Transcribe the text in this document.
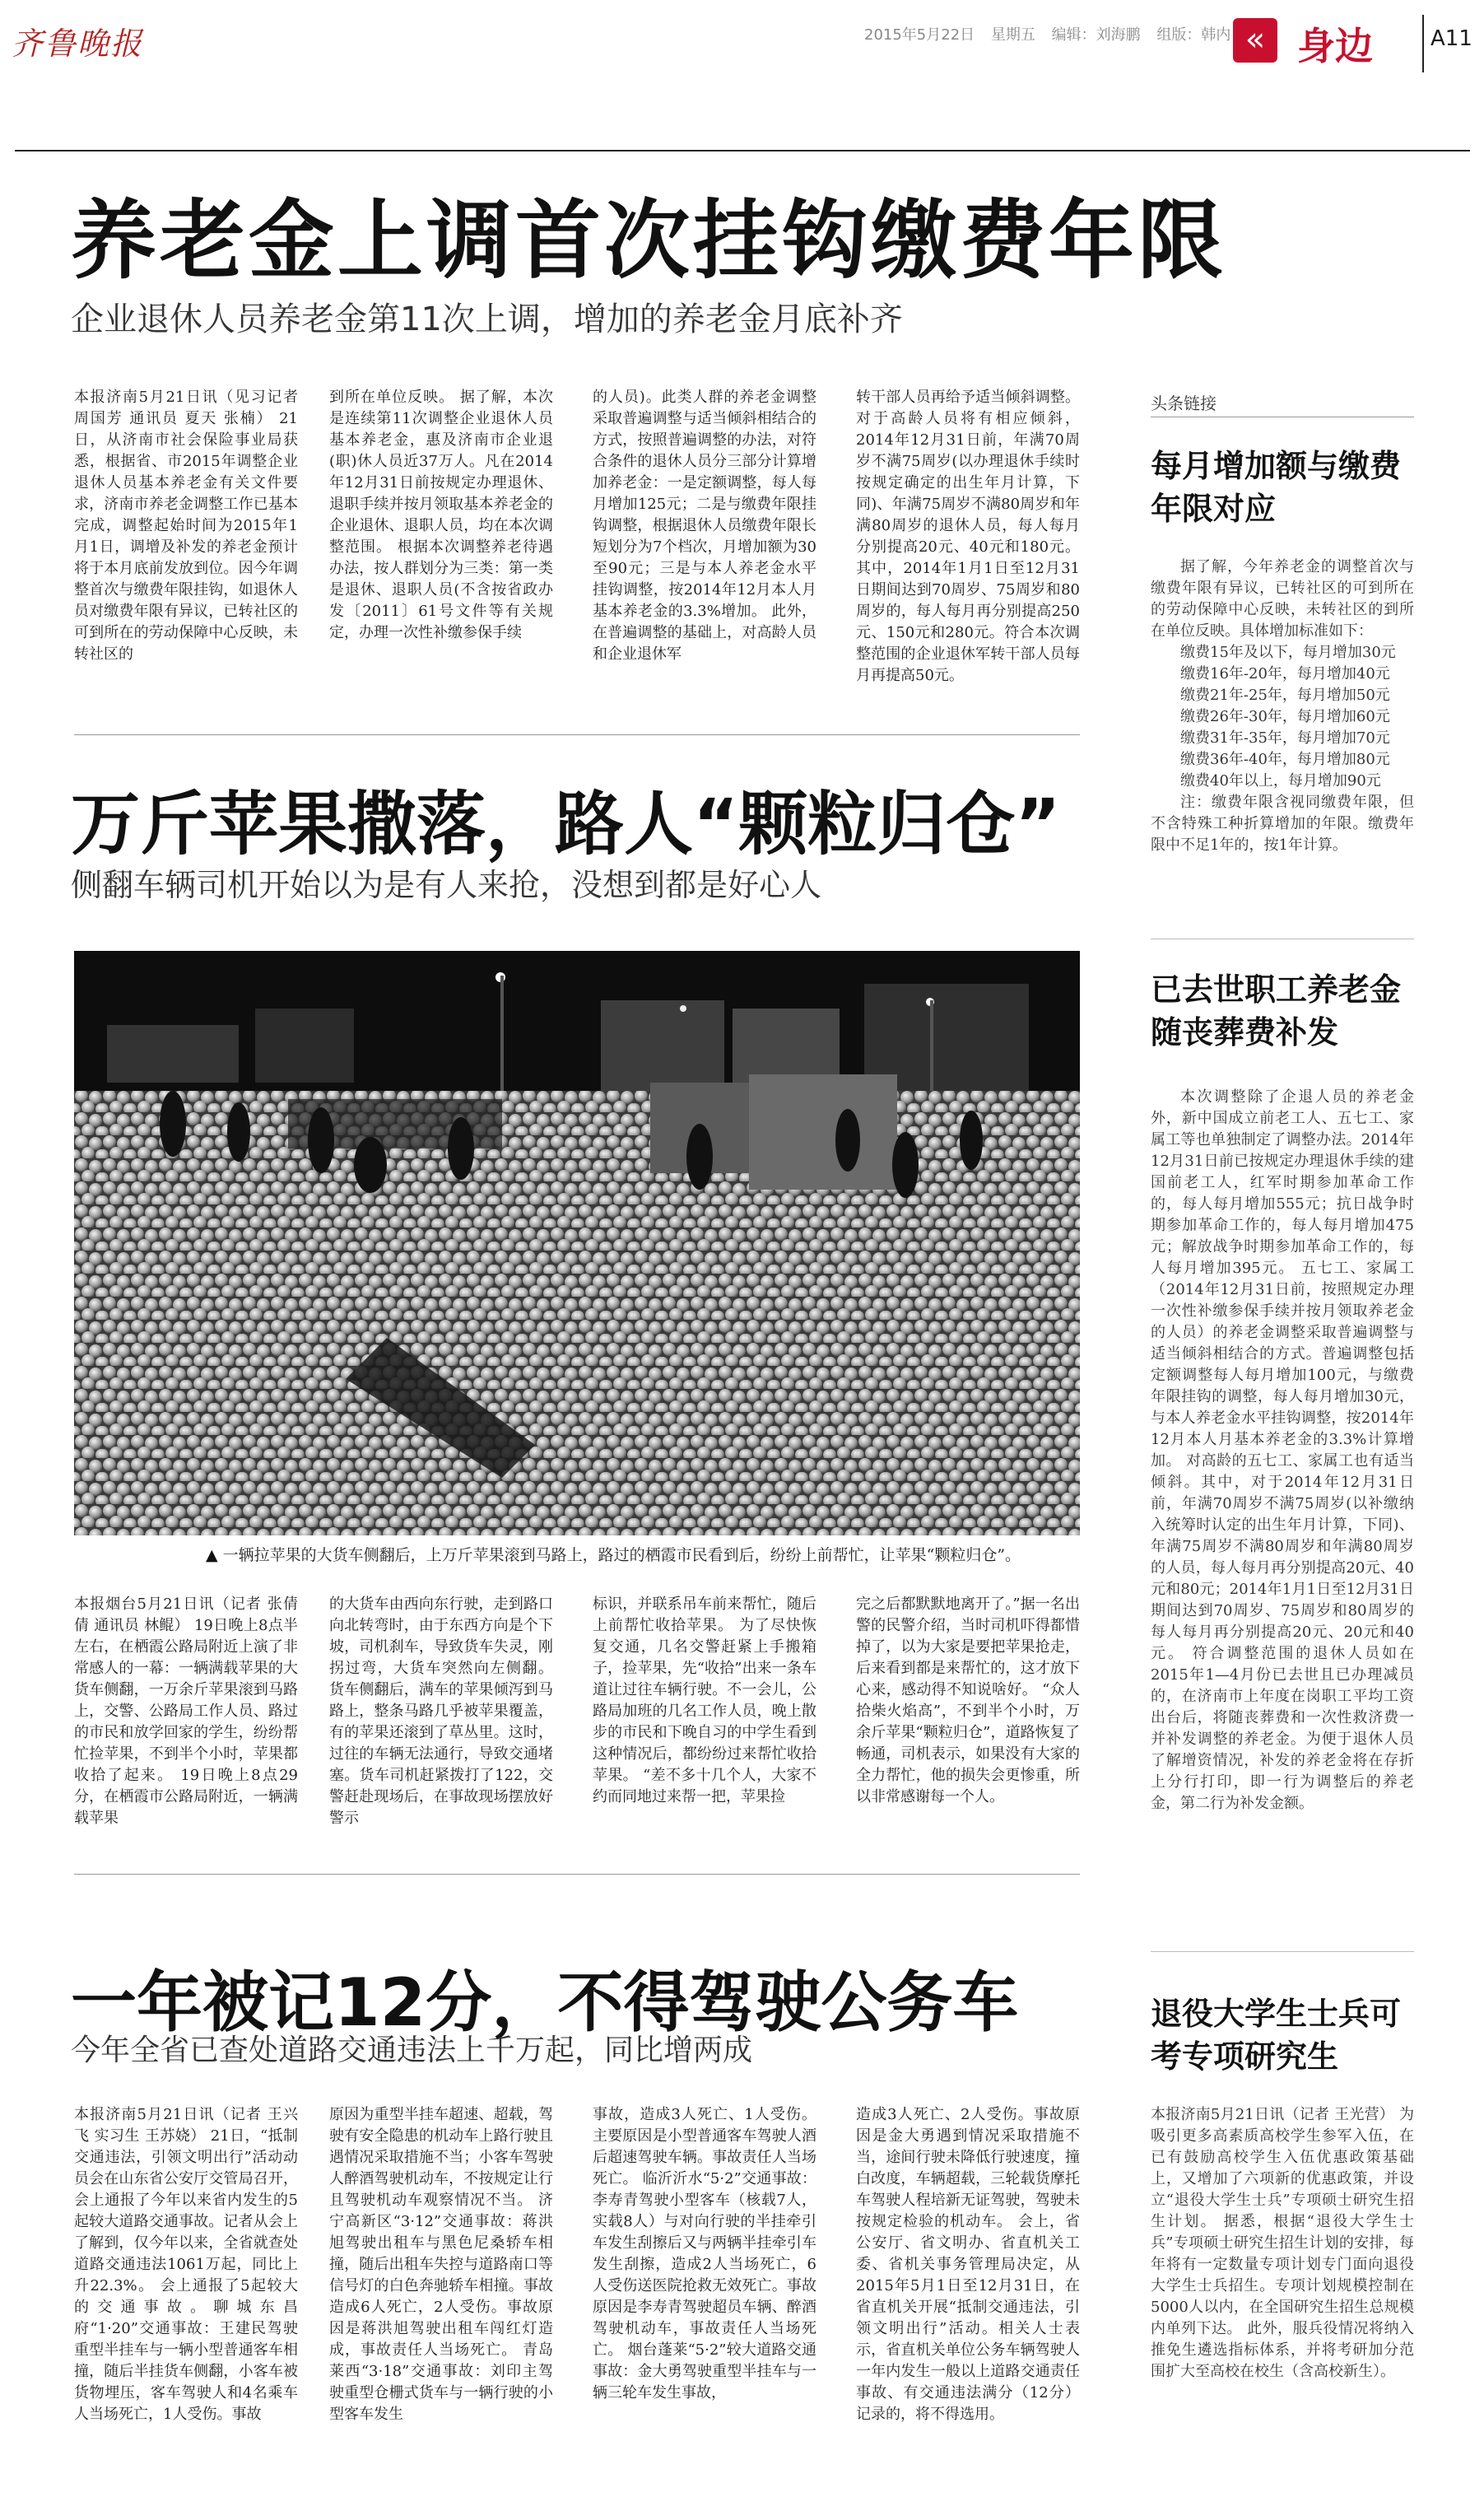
齐鲁晚报	2015年5月22日 星期五 编辑：刘海鹏 组版：韩内 « 身边	A11
养老金上调首次挂钩缴费年限
企业退休人员养老金第11次上调，增加的养老金月底补齐

本报济南5月21日讯（见习记者 周国芳 通讯员 夏天 张楠） 21日，从济南市社会保险事业局获悉，根据省、市2015年调整企业退休人员基本养老金有关文件要求，济南市养老金调整工作已基本完成，调整起始时间为2015年1月1日，调增及补发的养老金预计将于本月底前发放到位。因今年调整首次与缴费年限挂钩，如退休人员对缴费年限有异议，已转社区的可到所在的劳动保障中心反映，未转社区的

到所在单位反映。 据了解，本次是连续第11次调整企业退休人员基本养老金，惠及济南市企业退(职)休人员近37万人。凡在2014年12月31日前按规定办理退休、退职手续并按月领取基本养老金的企业退休、退职人员，均在本次调整范围。 根据本次调整养老待遇办法，按人群划分为三类：第一类是退休、退职人员(不含按省政办发〔2011〕61号文件等有关规定，办理一次性补缴参保手续

的人员)。此类人群的养老金调整采取普遍调整与适当倾斜相结合的方式，按照普遍调整的办法，对符合条件的退休人员分三部分计算增加养老金：一是定额调整，每人每月增加125元；二是与缴费年限挂钩调整，根据退休人员缴费年限长短划分为7个档次，月增加额为30至90元；三是与本人养老金水平挂钩调整，按2014年12月本人月基本养老金的3.3%增加。 此外，在普遍调整的基础上，对高龄人员和企业退休军

转干部人员再给予适当倾斜调整。对于高龄人员将有相应倾斜，2014年12月31日前，年满70周岁不满75周岁(以办理退休手续时按规定确定的出生年月计算，下同)、年满75周岁不满80周岁和年满80周岁的退休人员，每人每月分别提高20元、40元和180元。其中，2014年1月1日至12月31日期间达到70周岁、75周岁和80周岁的，每人每月再分别提高250元、150元和280元。符合本次调整范围的企业退休军转干部人员每月再提高50元。

头条链接
每月增加额与缴费年限对应

据了解，今年养老金的调整首次与缴费年限有异议，已转社区的可到所在的劳动保障中心反映，未转社区的到所在单位反映。具体增加标准如下：

缴费15年及以下，每月增加30元
缴费16年-20年，每月增加40元
缴费21年-25年，每月增加50元
缴费26年-30年，每月增加60元
缴费31年-35年，每月增加70元
缴费36年-40年，每月增加80元
缴费40年以上，每月增加90元

注：缴费年限含视同缴费年限，但不含特殊工种折算增加的年限。缴费年限中不足1年的，按1年计算。

已去世职工养老金随丧葬费补发

本次调整除了企退人员的养老金外，新中国成立前老工人、五七工、家属工等也单独制定了调整办法。2014年12月31日前已按规定办理退休手续的建国前老工人，红军时期参加革命工作的，每人每月增加555元；抗日战争时期参加革命工作的，每人每月增加475元；解放战争时期参加革命工作的，每人每月增加395元。 五七工、家属工（2014年12月31日前，按照规定办理一次性补缴参保手续并按月领取养老金的人员）的养老金调整采取普遍调整与适当倾斜相结合的方式。普遍调整包括定额调整每人每月增加100元，与缴费年限挂钩的调整，每人每月增加30元，与本人养老金水平挂钩调整，按2014年12月本人月基本养老金的3.3%计算增加。 对高龄的五七工、家属工也有适当倾斜。其中，对于2014年12月31日前，年满70周岁不满75周岁(以补缴纳入统筹时认定的出生年月计算，下同)、年满75周岁不满80周岁和年满80周岁的人员，每人每月再分别提高20元、40元和80元；2014年1月1日至12月31日期间达到70周岁、75周岁和80周岁的每人每月再分别提高20元、20元和40元。 符合调整范围的退休人员如在2015年1—4月份已去世且已办理减员的，在济南市上年度在岗职工平均工资出台后，将随丧葬费和一次性救济费一并补发调整的养老金。为便于退休人员了解增资情况，补发的养老金将在存折上分行打印，即一行为调整后的养老金，第二行为补发金额。

退役大学生士兵可考专项研究生

本报济南5月21日讯（记者 王光营） 为吸引更多高素质高校学生参军入伍，在已有鼓励高校学生入伍优惠政策基础上，又增加了六项新的优惠政策，并设立“退役大学生士兵”专项硕士研究生招生计划。 据悉，根据“退役大学生士兵”专项硕士研究生招生计划的安排，每年将有一定数量专项计划专门面向退役大学生士兵招生。专项计划规模控制在5000人以内，在全国研究生招生总规模内单列下达。 此外，服兵役情况将纳入推免生遴选指标体系，并将考研加分范围扩大至高校在校生（含高校新生）。

万斤苹果撒落，路人“颗粒归仓”
侧翻车辆司机开始以为是有人来抢，没想到都是好心人
▲ 一辆拉苹果的大货车侧翻后，上万斤苹果滚到马路上，路过的栖霞市民看到后，纷纷上前帮忙，让苹果“颗粒归仓”。

本报烟台5月21日讯（记者 张倩倩 通讯员 林鲲） 19日晚上8点半左右，在栖霞公路局附近上演了非常感人的一幕：一辆满载苹果的大货车侧翻，一万余斤苹果滚到马路上，交警、公路局工作人员、路过的市民和放学回家的学生，纷纷帮忙捡苹果，不到半个小时，苹果都收拾了起来。 19日晚上8点29分，在栖霞市公路局附近，一辆满载苹果

的大货车由西向东行驶，走到路口向北转弯时，由于东西方向是个下坡，司机刹车，导致货车失灵，刚拐过弯，大货车突然向左侧翻。 货车侧翻后，满车的苹果倾泻到马路上，整条马路几乎被苹果覆盖，有的苹果还滚到了草丛里。这时，过往的车辆无法通行，导致交通堵塞。货车司机赶紧拨打了122，交警赶赴现场后，在事故现场摆放好警示

标识，并联系吊车前来帮忙，随后上前帮忙收拾苹果。 为了尽快恢复交通，几名交警赶紧上手搬箱子，捡苹果，先“收拾”出来一条车道让过往车辆行驶。不一会儿，公路局加班的几名工作人员，晚上散步的市民和下晚自习的中学生看到这种情况后，都纷纷过来帮忙收拾苹果。 “差不多十几个人，大家不约而同地过来帮一把，苹果捡

完之后都默默地离开了。”据一名出警的民警介绍，当时司机吓得都惜掉了，以为大家是要把苹果抢走，后来看到都是来帮忙的，这才放下心来，感动得不知说啥好。 “众人拾柴火焰高”，不到半个小时，万余斤苹果“颗粒归仓”，道路恢复了畅通，司机表示，如果没有大家的全力帮忙，他的损失会更惨重，所以非常感谢每一个人。

一年被记12分，不得驾驶公务车
今年全省已查处道路交通违法上千万起，同比增两成

本报济南5月21日讯（记者 王兴飞 实习生 王苏娆） 21日，“抵制交通违法，引领文明出行”活动动员会在山东省公安厅交管局召开，会上通报了今年以来省内发生的5起较大道路交通事故。记者从会上了解到，仅今年以来，全省就查处道路交通违法1061万起，同比上升22.3%。 会上通报了5起较大的交通事故。聊城东昌府“1·20”交通事故：王建民驾驶重型半挂车与一辆小型普通客车相撞，随后半挂货车侧翻，小客车被货物埋压，客车驾驶人和4名乘车人当场死亡，1人受伤。事故

原因为重型半挂车超速、超载，驾驶有安全隐患的机动车上路行驶且遇情况采取措施不当；小客车驾驶人醉酒驾驶机动车，不按规定让行且驾驶机动车观察情况不当。 济宁高新区“3·12”交通事故：蒋洪旭驾驶出租车与黑色尼桑轿车相撞，随后出租车失控与道路南口等信号灯的白色奔驰轿车相撞。事故造成6人死亡，2人受伤。事故原因是蒋洪旭驾驶出租车闯红灯造成，事故责任人当场死亡。 青岛莱西“3·18”交通事故：刘印主驾驶重型仓栅式货车与一辆行驶的小型客车发生

事故，造成3人死亡、1人受伤。主要原因是小型普通客车驾驶人酒后超速驾驶车辆。事故责任人当场死亡。 临沂沂水“5·2”交通事故：李寿青驾驶小型客车（核载7人，实载8人）与对向行驶的半挂牵引车发生刮擦后又与两辆半挂牵引车发生刮擦，造成2人当场死亡，6人受伤送医院抢救无效死亡。事故原因是李寿青驾驶超员车辆、醉酒驾驶机动车，事故责任人当场死亡。 烟台蓬莱“5·2”较大道路交通事故：金大勇驾驶重型半挂车与一辆三轮车发生事故，

造成3人死亡、2人受伤。事故原因是金大勇遇到情况采取措施不当，途间行驶未降低行驶速度，撞白改度，车辆超载，三轮载货摩托车驾驶人程培新无证驾驶，驾驶未按规定检验的机动车。 会上，省公安厅、省文明办、省直机关工委、省机关事务管理局决定，从2015年5月1日至12月31日，在省直机关开展“抵制交通违法，引领文明出行”活动。相关人士表示，省直机关单位公务车辆驾驶人一年内发生一般以上道路交通责任事故、有交通违法满分（12分）记录的，将不得选用。
